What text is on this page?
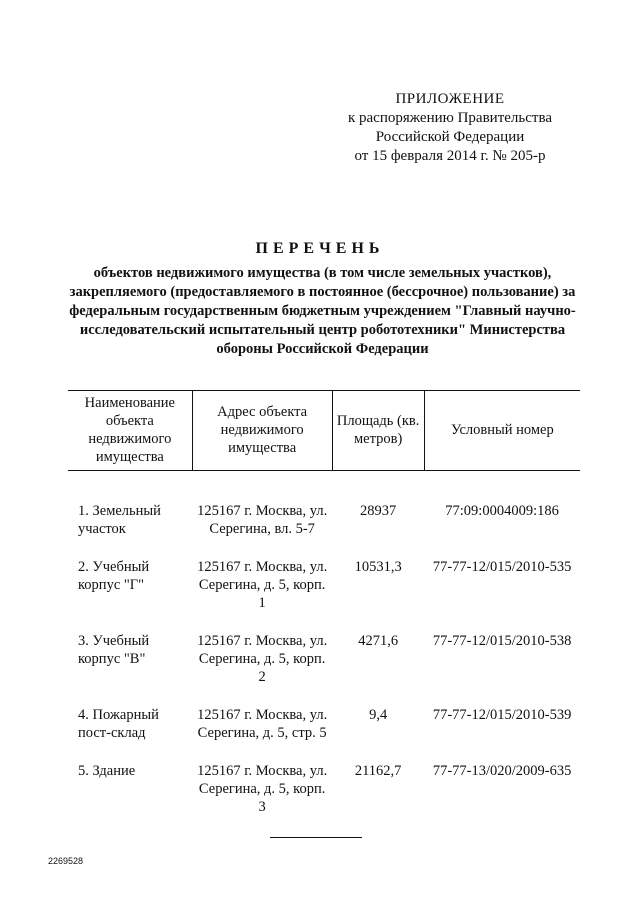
ПРИЛОЖЕНИЕ
к распоряжению Правительства
Российской Федерации
от 15 февраля 2014 г. № 205-р
ПЕРЕЧЕНЬ
объектов недвижимого имущества (в том числе земельных участков), закрепляемого (предоставляемого в постоянное (бессрочное) пользование) за федеральным государственным бюджетным учреждением "Главный научно-исследовательский испытательный центр робототехники" Министерства обороны Российской Федерации
Наименование объекта недвижимого имущества	Адрес объекта недвижимого имущества	Площадь (кв. метров)	Условный номер
1. Земельный участок	125167 г. Москва, ул. Серегина, вл. 5-7	28937	77:09:0004009:186
2. Учебный корпус "Г"	125167 г. Москва, ул. Серегина, д. 5, корп. 1	10531,3	77-77-12/015/2010-535
3. Учебный корпус "В"	125167 г. Москва, ул. Серегина, д. 5, корп. 2	4271,6	77-77-12/015/2010-538
4. Пожарный пост-склад	125167 г. Москва, ул. Серегина, д. 5, стр. 5	9,4	77-77-12/015/2010-539
5. Здание	125167 г. Москва, ул. Серегина, д. 5, корп. 3	21162,7	77-77-13/020/2009-635
2269528
